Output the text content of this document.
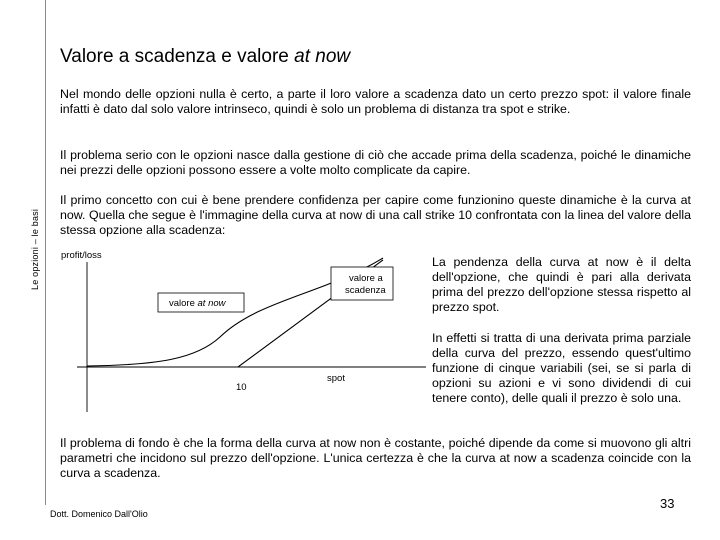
Le opzioni – le basi
Valore a scadenza e valore at now

Nel mondo delle opzioni nulla è certo, a parte il loro valore a scadenza dato un certo prezzo spot: il valore finale infatti è dato dal solo valore intrinseco, quindi è solo un problema di distanza tra spot e strike.

Il problema serio con le opzioni nasce dalla gestione di ciò che accade prima della scadenza, poiché le dinamiche nei prezzi delle opzioni possono essere a volte molto complicate da capire.

Il primo concetto con cui è bene prendere confidenza per capire come funzionino queste dinamiche è la curva at now. Quella che segue è l'immagine della curva at now di una call strike 10 confrontata con la linea del valore della stessa opzione alla scadenza:

profit/loss
10
spot
valore a
scadenza
valore at now

La pendenza della curva at now è il delta dell'opzione, che quindi è pari alla derivata prima del prezzo dell'opzione stessa rispetto al prezzo spot.

In effetti si tratta di una derivata prima parziale della curva del prezzo, essendo quest'ultimo funzione di cinque variabili (sei, se si parla di opzioni su azioni e vi sono dividendi di cui tenere conto), delle quali il prezzo è solo una.

Il problema di fondo è che la forma della curva at now non è costante, poiché dipende da come si muovono gli altri parametri che incidono sul prezzo dell'opzione. L'unica certezza è che la curva at now a scadenza coincide con la curva a scadenza.

Dott. Domenico Dall'Olio
33
